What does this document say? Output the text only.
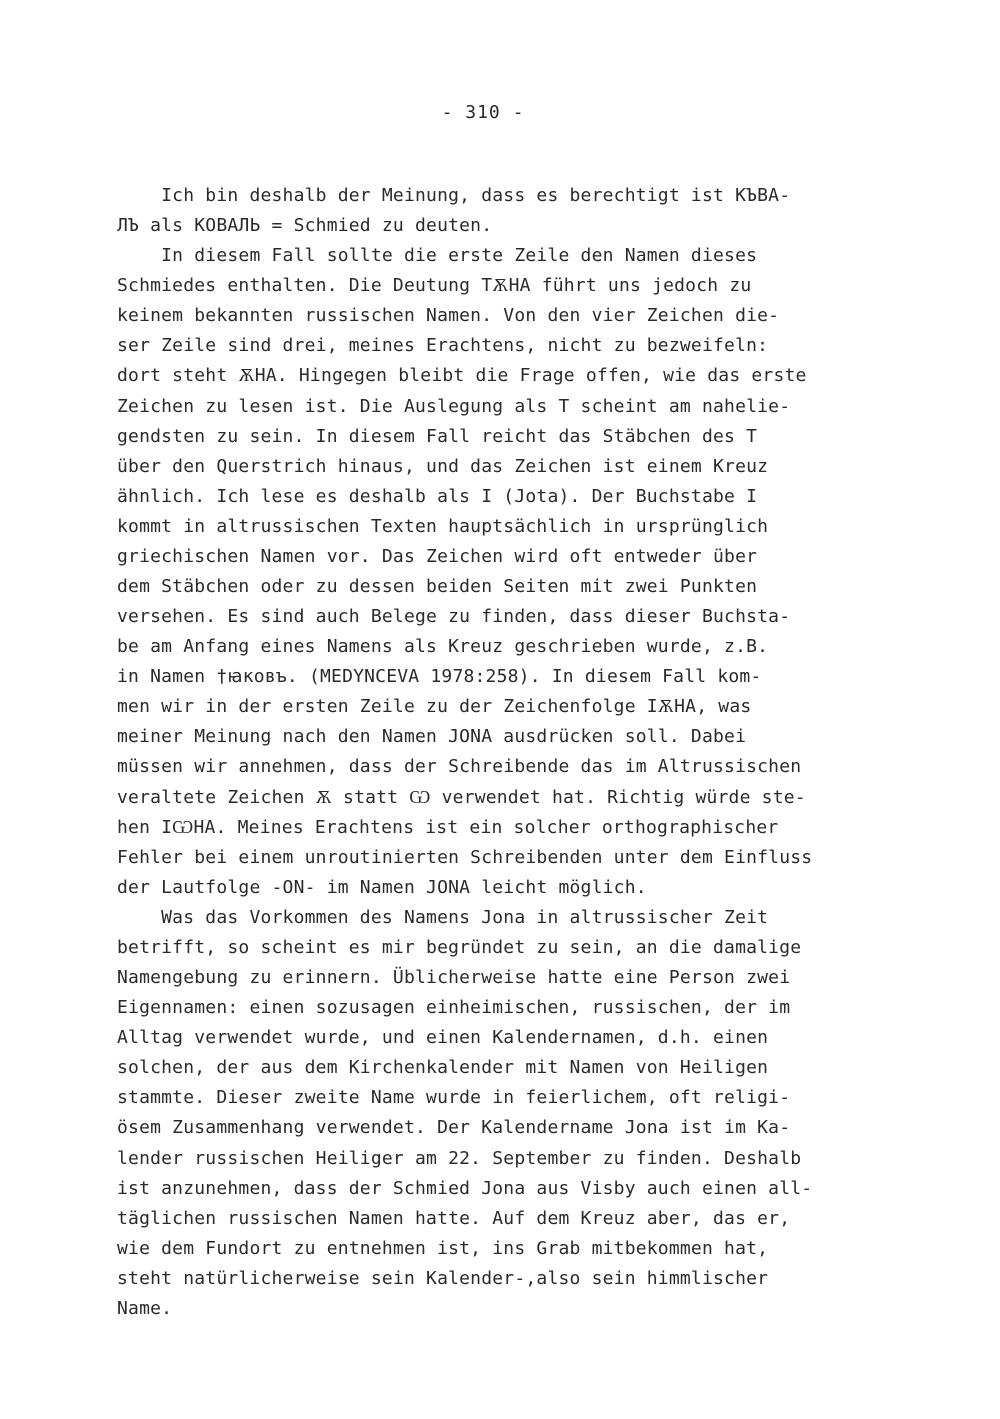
- 310 -
Ich bin deshalb der Meinung, dass es berechtigt ist КЪВА-
ЛЪ als КОВАЛЬ = Schmied zu deuten.
In diesem Fall sollte die erste Zeile den Namen dieses
Schmiedes enthalten. Die Deutung ТѪНА führt uns jedoch zu
keinem bekannten russischen Namen. Von den vier Zeichen die-
ser Zeile sind drei, meines Erachtens, nicht zu bezweifeln:
dort steht ѪНА. Hingegen bleibt die Frage offen, wie das erste
Zeichen zu lesen ist. Die Auslegung als Т scheint am nahelie-
gendsten zu sein. In diesem Fall reicht das Stäbchen des Т
über den Querstrich hinaus, und das Zeichen ist einem Kreuz
ähnlich. Ich lese es deshalb als I (Jota). Der Buchstabe I
kommt in altrussischen Texten hauptsächlich in ursprünglich
griechischen Namen vor. Das Zeichen wird oft entweder über
dem Stäbchen oder zu dessen beiden Seiten mit zwei Punkten
versehen. Es sind auch Belege zu finden, dass dieser Buchsta-
be am Anfang eines Namens als Kreuz geschrieben wurde, z.B.
in Namen †ꙗковъ. (MEDYNCEVA 1978:258). In diesem Fall kom-
men wir in der ersten Zeile zu der Zeichenfolge IѪНА, was
meiner Meinung nach den Namen JONA ausdrücken soll. Dabei
müssen wir annehmen, dass der Schreibende das im Altrussischen
veraltete Zeichen Ѫ statt Ѡ verwendet hat. Richtig würde ste-
hen IѠНА. Meines Erachtens ist ein solcher orthographischer
Fehler bei einem unroutinierten Schreibenden unter dem Einfluss
der Lautfolge -ON- im Namen JONA leicht möglich.
Was das Vorkommen des Namens Jona in altrussischer Zeit
betrifft, so scheint es mir begründet zu sein, an die damalige
Namengebung zu erinnern. Üblicherweise hatte eine Person zwei
Eigennamen: einen sozusagen einheimischen, russischen, der im
Alltag verwendet wurde, und einen Kalendernamen, d.h. einen
solchen, der aus dem Kirchenkalender mit Namen von Heiligen
stammte. Dieser zweite Name wurde in feierlichem, oft religi-
ösem Zusammenhang verwendet. Der Kalendername Jona ist im Ka-
lender russischen Heiliger am 22. September zu finden. Deshalb
ist anzunehmen, dass der Schmied Jona aus Visby auch einen all-
täglichen russischen Namen hatte. Auf dem Kreuz aber, das er,
wie dem Fundort zu entnehmen ist, ins Grab mitbekommen hat,
steht natürlicherweise sein Kalender-,also sein himmlischer
Name.
